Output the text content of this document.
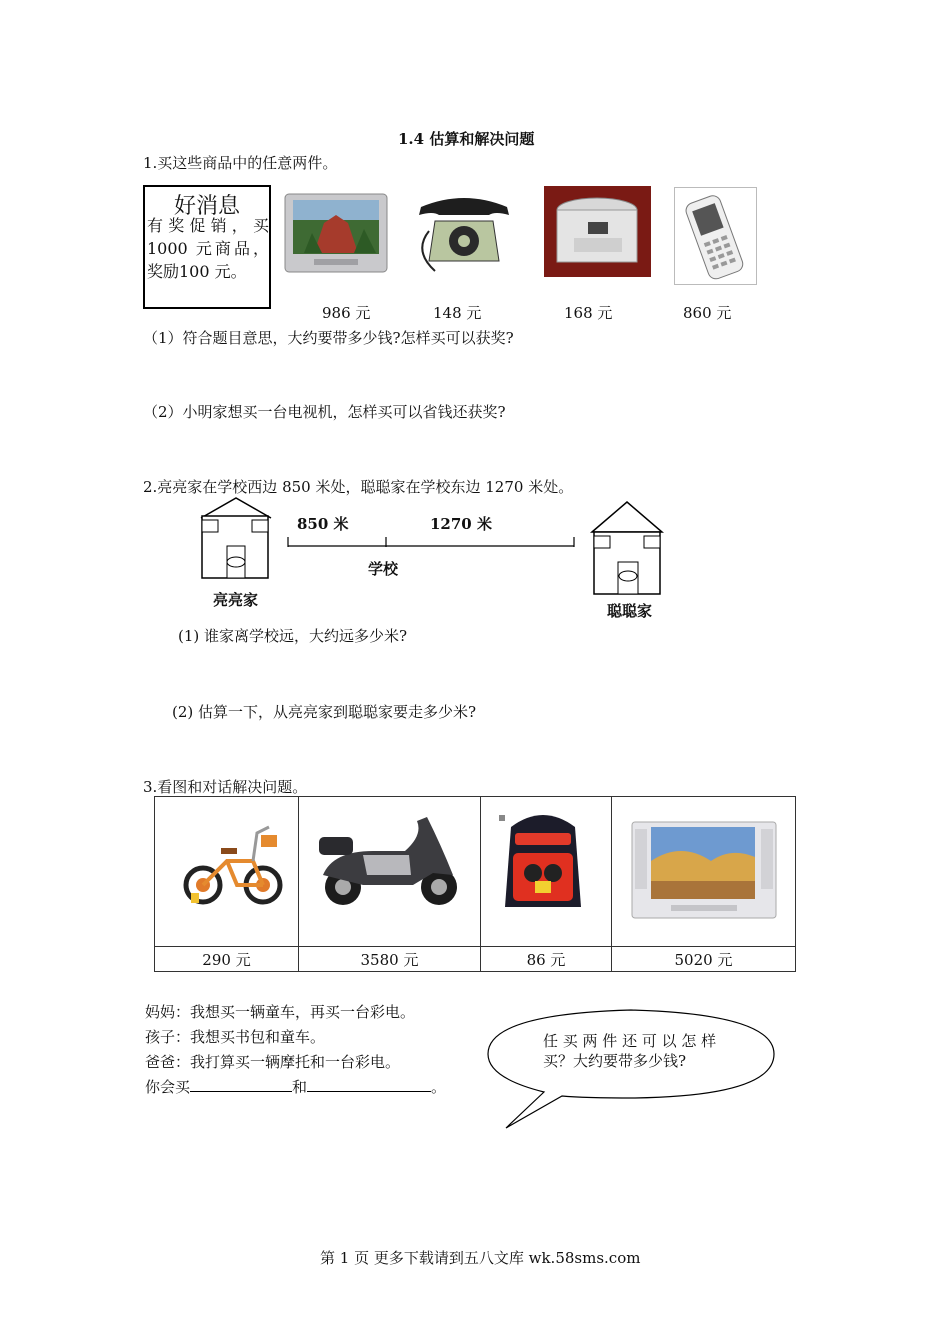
1.4 估算和解决问题
1.买这些商品中的任意两件。
好消息
有奖促销，买1000 元商品，奖励100 元。
986 元	148 元	168 元	860 元
（1）符合题目意思，大约要带多少钱?怎样买可以获奖?
（2）小明家想买一台电视机，怎样买可以省钱还获奖?
2.亮亮家在学校西边 850 米处，聪聪家在学校东边 1270 米处。
850 米	1270 米
学校
亮亮家
聪聪家
(1) 谁家离学校远，大约远多少米?
(2) 估算一下，从亮亮家到聪聪家要走多少米?
3.看图和对话解决问题。
290 元	3580 元	86 元	5020 元
妈妈：我想买一辆童车，再买一台彩电。
孩子：我想买书包和童车。
爸爸：我打算买一辆摩托和一台彩电。
你会买	和	。
任 买 两 件 还 可 以 怎 样
买？大约要带多少钱?
第 1 页 更多下载请到五八文库 wk.58sms.com
